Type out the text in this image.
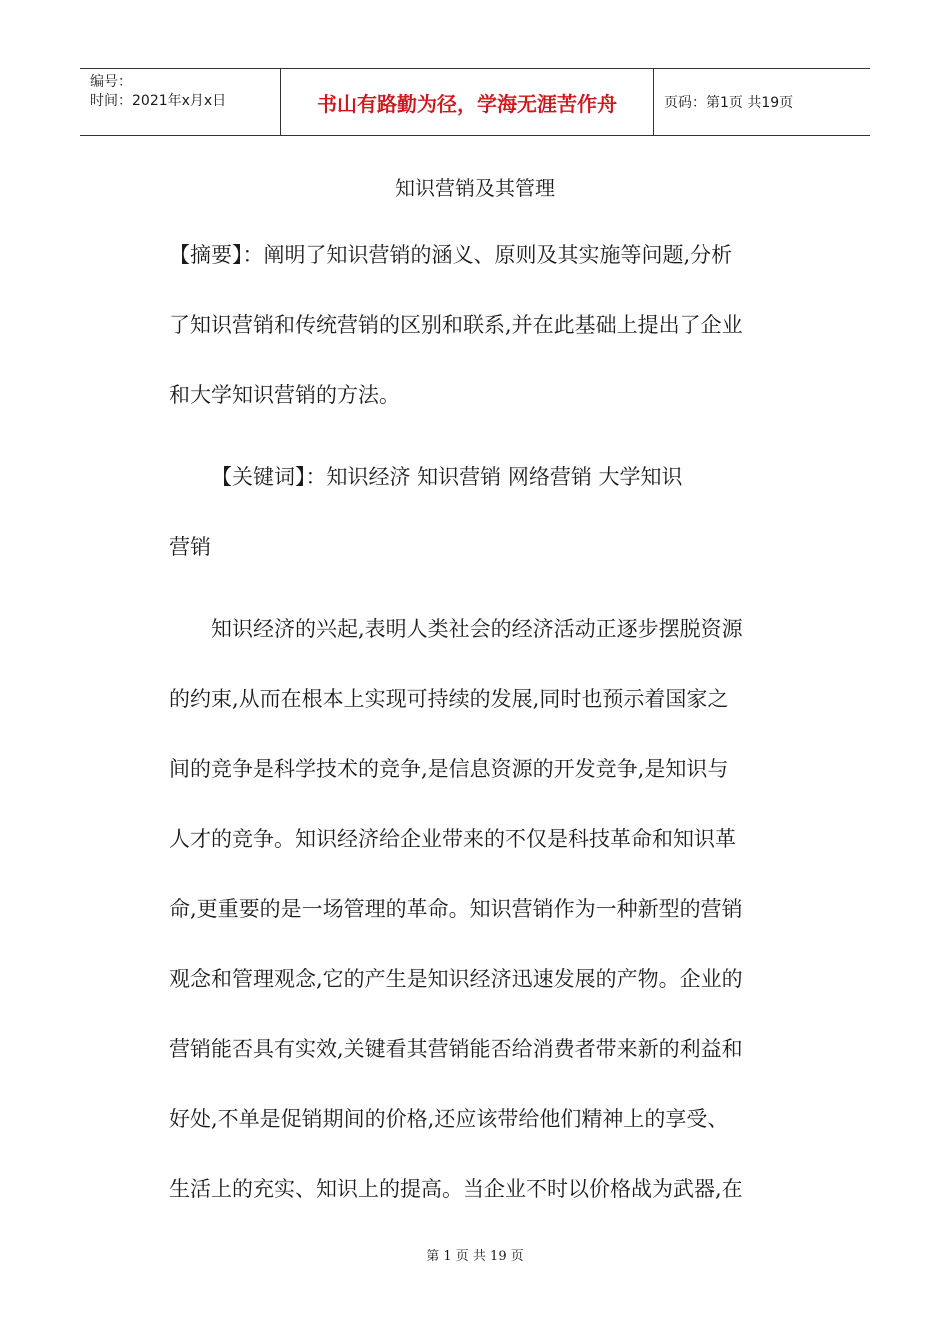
编号：
时间：2021年x月x日	书山有路勤为径，学海无涯苦作舟	页码：第1页 共19页
知识营销及其管理
【摘要】：阐明了知识营销的涵义、原则及其实施等问题,分析
了知识营销和传统营销的区别和联系,并在此基础上提出了企业
和大学知识营销的方法。
【关键词】：知识经济 知识营销 网络营销 大学知识
营销
知识经济的兴起,表明人类社会的经济活动正逐步摆脱资源
的约束,从而在根本上实现可持续的发展,同时也预示着国家之
间的竞争是科学技术的竞争,是信息资源的开发竞争,是知识与
人才的竞争。知识经济给企业带来的不仅是科技革命和知识革
命,更重要的是一场管理的革命。知识营销作为一种新型的营销
观念和管理观念,它的产生是知识经济迅速发展的产物。企业的
营销能否具有实效,关键看其营销能否给消费者带来新的利益和
好处,不单是促销期间的价格,还应该带给他们精神上的享受、
生活上的充实、知识上的提高。当企业不时以价格战为武器,在
第 1 页 共 19 页
